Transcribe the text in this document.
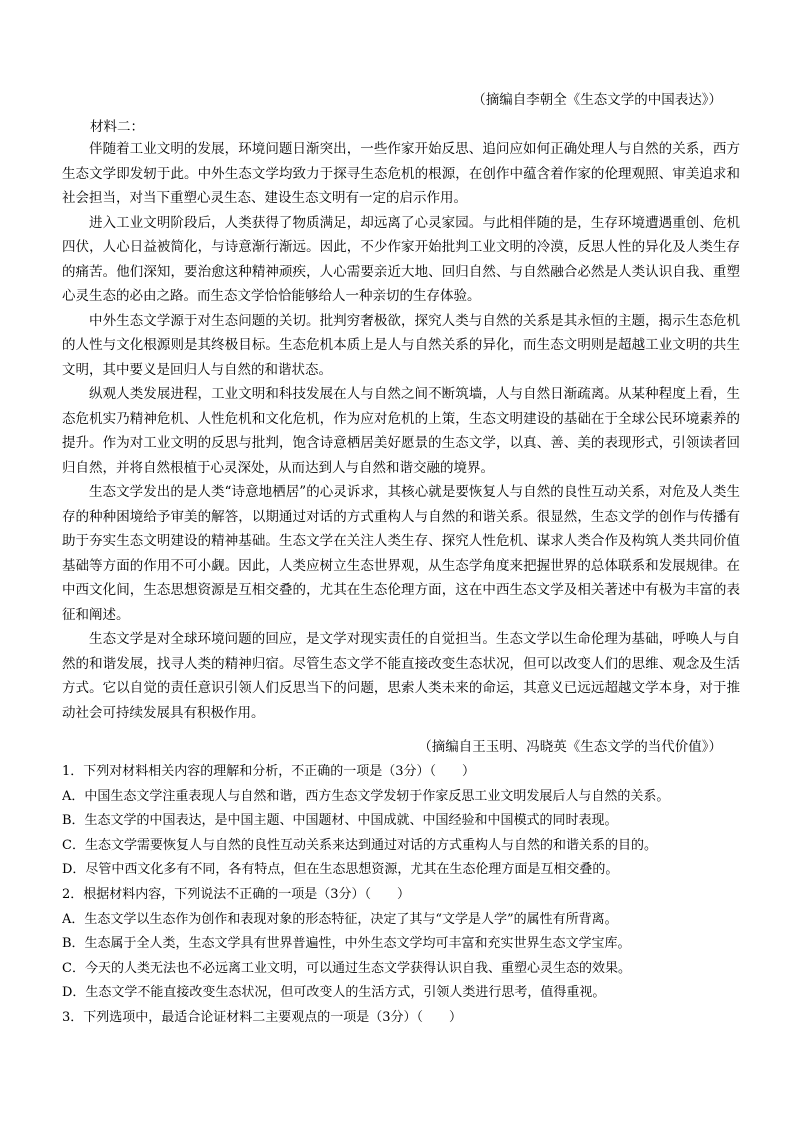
（摘编自李朝全《生态文学的中国表达》）
材料二：

伴随着工业文明的发展，环境问题日渐突出，一些作家开始反思、追问应如何正确处理人与自然的关系，西方生态文学即发轫于此。中外生态文学均致力于探寻生态危机的根源，在创作中蕴含着作家的伦理观照、审美追求和社会担当，对当下重塑心灵生态、建设生态文明有一定的启示作用。

进入工业文明阶段后，人类获得了物质满足，却远离了心灵家园。与此相伴随的是，生存环境遭遇重创、危机四伏，人心日益被简化，与诗意渐行渐远。因此，不少作家开始批判工业文明的冷漠，反思人性的异化及人类生存的痛苦。他们深知，要治愈这种精神顽疾，人心需要亲近大地、回归自然、与自然融合必然是人类认识自我、重塑心灵生态的必由之路。而生态文学恰恰能够给人一种亲切的生存体验。

中外生态文学源于对生态问题的关切。批判穷奢极欲，探究人类与自然的关系是其永恒的主题，揭示生态危机的人性与文化根源则是其终极目标。生态危机本质上是人与自然关系的异化，而生态文明则是超越工业文明的共生文明，其中要义是回归人与自然的和谐状态。

纵观人类发展进程，工业文明和科技发展在人与自然之间不断筑墙，人与自然日渐疏离。从某种程度上看，生态危机实乃精神危机、人性危机和文化危机，作为应对危机的上策，生态文明建设的基础在于全球公民环境素养的提升。作为对工业文明的反思与批判，饱含诗意栖居美好愿景的生态文学，以真、善、美的表现形式，引领读者回归自然，并将自然根植于心灵深处，从而达到人与自然和谐交融的境界。

生态文学发出的是人类“诗意地栖居”的心灵诉求，其核心就是要恢复人与自然的良性互动关系，对危及人类生存的种种困境给予审美的解答，以期通过对话的方式重构人与自然的和谐关系。很显然，生态文学的创作与传播有助于夯实生态文明建设的精神基础。生态文学在关注人类生存、探究人性危机、谋求人类合作及构筑人类共同价值基础等方面的作用不可小觑。因此，人类应树立生态世界观，从生态学角度来把握世界的总体联系和发展规律。在中西文化间，生态思想资源是互相交叠的，尤其在生态伦理方面，这在中西生态文学及相关著述中有极为丰富的表征和阐述。

生态文学是对全球环境问题的回应，是文学对现实责任的自觉担当。生态文学以生命伦理为基础，呼唤人与自然的和谐发展，找寻人类的精神归宿。尽管生态文学不能直接改变生态状况，但可以改变人们的思维、观念及生活方式。它以自觉的责任意识引领人们反思当下的问题，思索人类未来的命运，其意义已远远超越文学本身，对于推动社会可持续发展具有积极作用。

（摘编自王玉明、冯晓英《生态文学的当代价值》）
1．下列对材料相关内容的理解和分析，不正确的一项是（3分）（　　）
A．中国生态文学注重表现人与自然和谐，西方生态文学发轫于作家反思工业文明发展后人与自然的关系。
B．生态文学的中国表达，是中国主题、中国题材、中国成就、中国经验和中国模式的同时表现。
C．生态文学需要恢复人与自然的良性互动关系来达到通过对话的方式重构人与自然的和谐关系的目的。
D．尽管中西文化多有不同，各有特点，但在生态思想资源，尤其在生态伦理方面是互相交叠的。
2．根据材料内容，下列说法不正确的一项是（3分）（　　）
A．生态文学以生态作为创作和表现对象的形态特征，决定了其与“文学是人学”的属性有所背离。
B．生态属于全人类，生态文学具有世界普遍性，中外生态文学均可丰富和充实世界生态文学宝库。
C．今天的人类无法也不必远离工业文明，可以通过生态文学获得认识自我、重塑心灵生态的效果。
D．生态文学不能直接改变生态状况，但可改变人的生活方式，引领人类进行思考，值得重视。
3．下列选项中，最适合论证材料二主要观点的一项是（3分）（　　）
